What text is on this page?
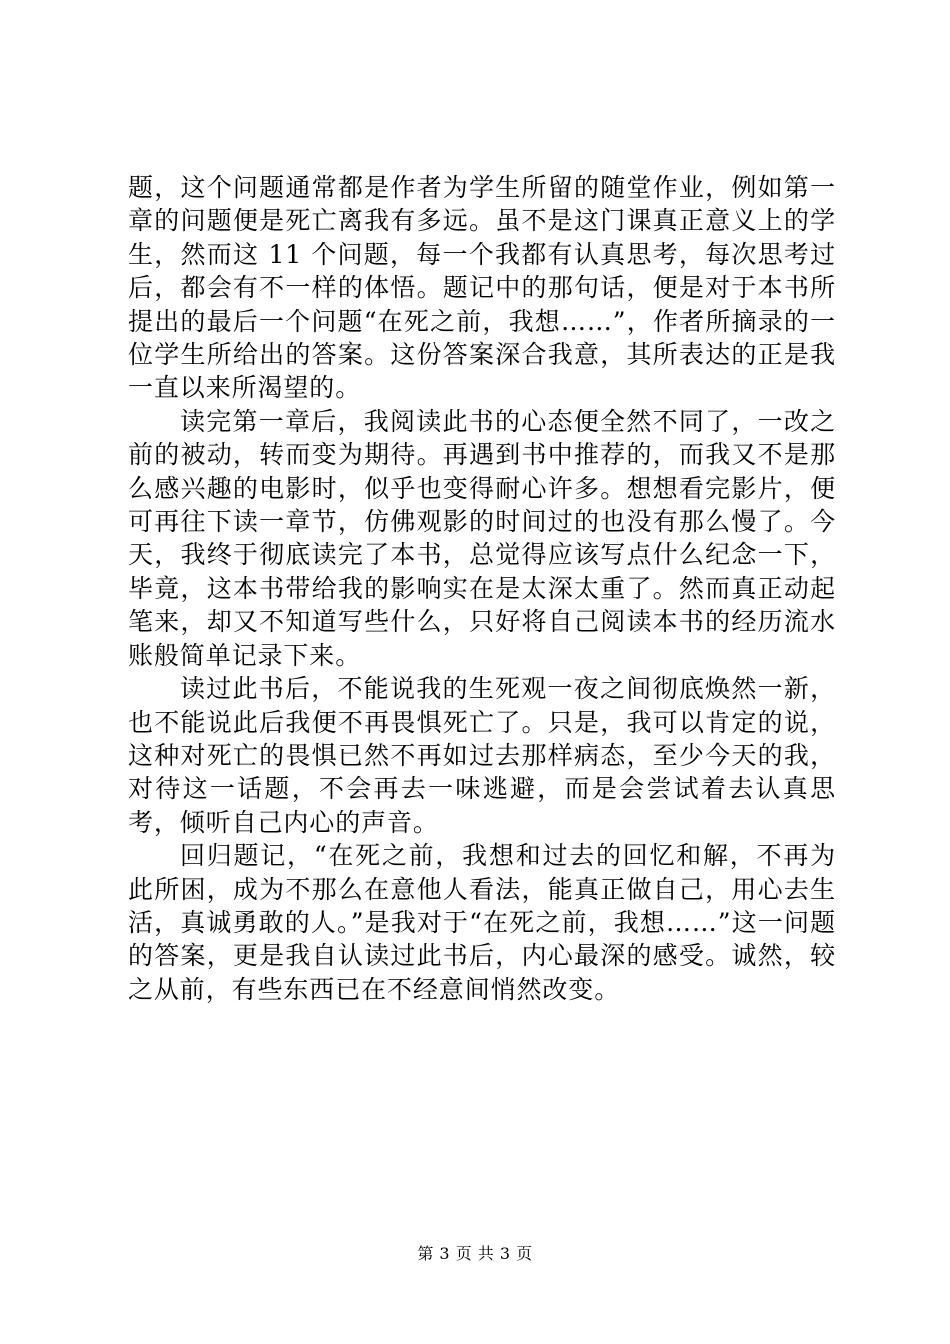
题，这个问题通常都是作者为学生所留的随堂作业，例如第一章的问题便是死亡离我有多远。虽不是这门课真正意义上的学生，然而这 11 个问题，每一个我都有认真思考，每次思考过后，都会有不一样的体悟。题记中的那句话，便是对于本书所提出的最后一个问题“在死之前，我想……”，作者所摘录的一位学生所给出的答案。这份答案深合我意，其所表达的正是我一直以来所渴望的。

读完第一章后，我阅读此书的心态便全然不同了，一改之前的被动，转而变为期待。再遇到书中推荐的，而我又不是那么感兴趣的电影时，似乎也变得耐心许多。想想看完影片，便可再往下读一章节，仿佛观影的时间过的也没有那么慢了。今天，我终于彻底读完了本书，总觉得应该写点什么纪念一下，毕竟，这本书带给我的影响实在是太深太重了。然而真正动起笔来，却又不知道写些什么，只好将自己阅读本书的经历流水账般简单记录下来。

读过此书后，不能说我的生死观一夜之间彻底焕然一新，也不能说此后我便不再畏惧死亡了。只是，我可以肯定的说，这种对死亡的畏惧已然不再如过去那样病态，至少今天的我，对待这一话题，不会再去一味逃避，而是会尝试着去认真思考，倾听自己内心的声音。

回归题记，“在死之前，我想和过去的回忆和解，不再为此所困，成为不那么在意他人看法，能真正做自己，用心去生活，真诚勇敢的人。”是我对于“在死之前，我想……”这一问题的答案，更是我自认读过此书后，内心最深的感受。诚然，较之从前，有些东西已在不经意间悄然改变。

第 3 页 共 3 页
